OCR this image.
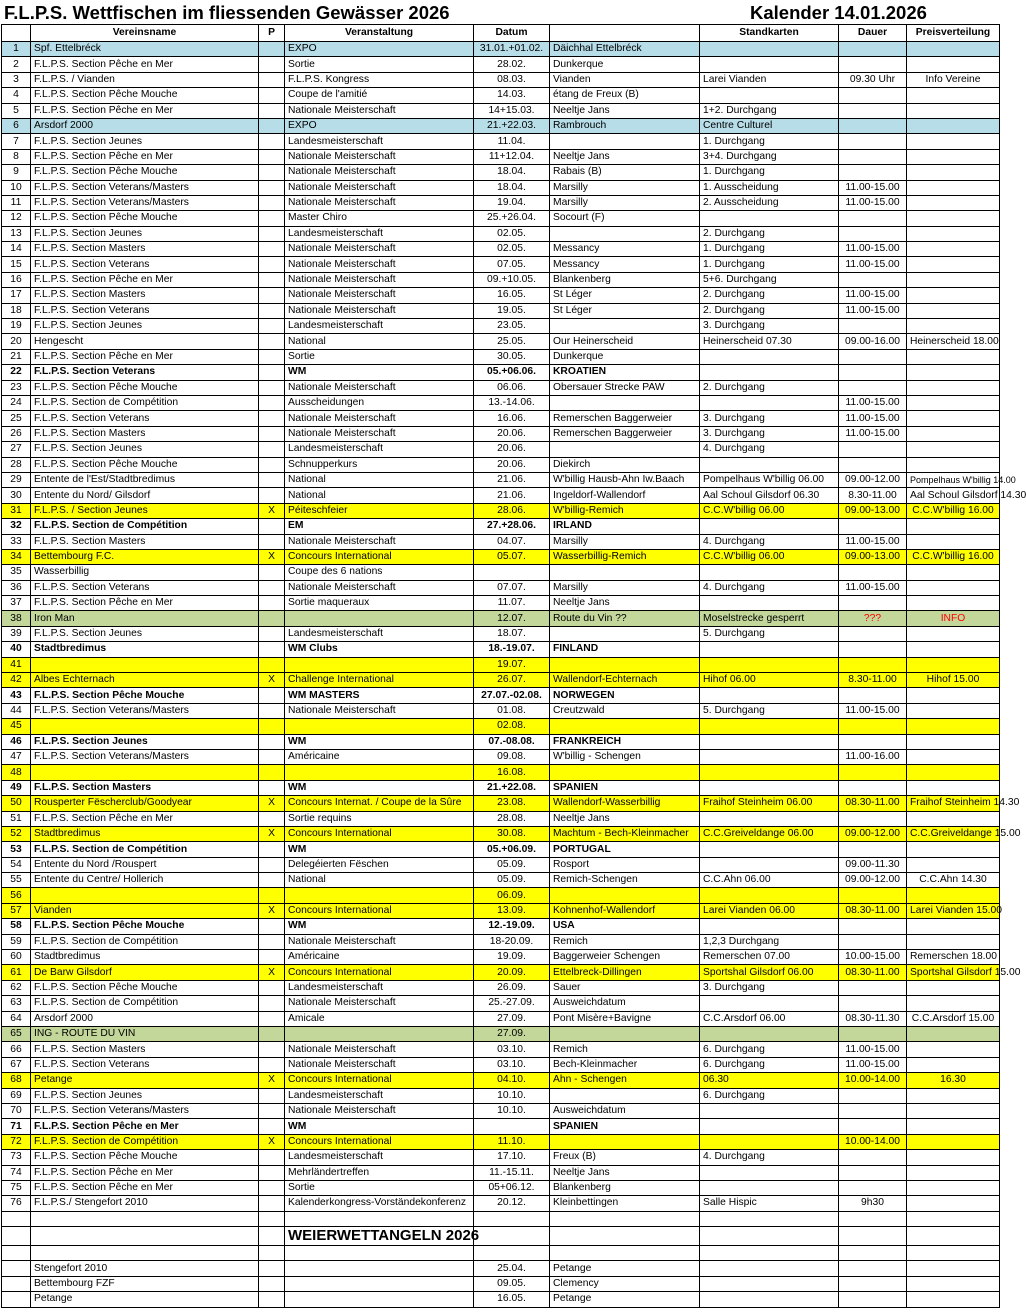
F.L.P.S. Wettfischen im fliessenden Gewässer 2026	Kalender 14.01.2026
	Vereinsname	P	Veranstaltung	Datum		Standkarten	Dauer	Preisverteilung
1	Spf. Ettelbréck		EXPO	31.01.+01.02.	Däichhal Ettelbréck			
2	F.L.P.S. Section Pêche en Mer		Sortie	28.02.	Dunkerque			
3	F.L.P.S. / Vianden		F.L.P.S. Kongress	08.03.	Vianden	Larei Vianden	09.30 Uhr	Info Vereine
4	F.L.P.S. Section Pêche Mouche		Coupe de l'amitié	14.03.	étang de Freux (B)			
5	F.L.P.S. Section Pêche en Mer		Nationale Meisterschaft	14+15.03.	Neeltje Jans	1+2. Durchgang		
6	Arsdorf 2000		EXPO	21.+22.03.	Rambrouch	Centre Culturel		
7	F.L.P.S. Section Jeunes		Landesmeisterschaft	11.04.		1. Durchgang		
8	F.L.P.S. Section Pêche en Mer		Nationale Meisterschaft	11+12.04.	Neeltje Jans	3+4. Durchgang		
9	F.L.P.S. Section Pêche Mouche		Nationale Meisterschaft	18.04.	Rabais (B)	1. Durchgang		
10	F.L.P.S. Section Veterans/Masters		Nationale Meisterschaft	18.04.	Marsilly	1. Ausscheidung	11.00-15.00	
11	F.L.P.S. Section Veterans/Masters		Nationale Meisterschaft	19.04.	Marsilly	2. Ausscheidung	11.00-15.00	
12	F.L.P.S. Section Pêche Mouche		Master Chiro	25.+26.04.	Socourt (F)			
13	F.L.P.S. Section Jeunes		Landesmeisterschaft	02.05.		2. Durchgang		
14	F.L.P.S. Section Masters		Nationale Meisterschaft	02.05.	Messancy	1. Durchgang	11.00-15.00	
15	F.L.P.S. Section Veterans		Nationale Meisterschaft	07.05.	Messancy	1. Durchgang	11.00-15.00	
16	F.L.P.S. Section Pêche en Mer		Nationale Meisterschaft	09.+10.05.	Blankenberg	5+6. Durchgang		
17	F.L.P.S. Section Masters		Nationale Meisterschaft	16.05.	St Léger	2. Durchgang	11.00-15.00	
18	F.L.P.S. Section Veterans		Nationale Meisterschaft	19.05.	St Léger	2. Durchgang	11.00-15.00	
19	F.L.P.S. Section Jeunes		Landesmeisterschaft	23.05.		3. Durchgang		
20	Hengescht		National	25.05.	Our Heinerscheid	Heinerscheid 07.30	09.00-16.00	Heinerscheid 18.00
21	F.L.P.S. Section Pêche en Mer		Sortie	30.05.	Dunkerque			
22	F.L.P.S. Section Veterans		WM	05.+06.06.	KROATIEN			
23	F.L.P.S. Section Pêche Mouche		Nationale Meisterschaft	06.06.	Obersauer Strecke PAW	2. Durchgang		
24	F.L.P.S. Section de Compétition		Ausscheidungen	13.-14.06.			11.00-15.00	
25	F.L.P.S. Section Veterans		Nationale Meisterschaft	16.06.	Remerschen Baggerweier	3. Durchgang	11.00-15.00	
26	F.L.P.S. Section Masters		Nationale Meisterschaft	20.06.	Remerschen Baggerweier	3. Durchgang	11.00-15.00	
27	F.L.P.S. Section Jeunes		Landesmeisterschaft	20.06.		4. Durchgang		
28	F.L.P.S. Section Pêche Mouche		Schnupperkurs	20.06.	Diekirch			
29	Entente de l'Est/Stadtbredimus		National	21.06.	W'billig Hausb-Ahn Iw.Baach	Pompelhaus W'billig 06.00	09.00-12.00	Pompelhaus W'billig 14.00
30	Entente du Nord/ Gilsdorf		National	21.06.	Ingeldorf-Wallendorf	Aal Schoul Gilsdorf 06.30	8.30-11.00	Aal Schoul Gilsdorf 14.30
31	F.L.P.S. / Section Jeunes	X	Péiteschfeier	28.06.	W'billig-Remich	C.C.W'billig 06.00	09.00-13.00	C.C.W'billig 16.00
32	F.L.P.S. Section de Compétition		EM	27.+28.06.	IRLAND			
33	F.L.P.S. Section Masters		Nationale Meisterschaft	04.07.	Marsilly	4. Durchgang	11.00-15.00	
34	Bettembourg F.C.	X	Concours International	05.07.	Wasserbillig-Remich	C.C.W'billig 06.00	09.00-13.00	C.C.W'billig 16.00
35	Wasserbillig		Coupe des 6 nations					
36	F.L.P.S. Section Veterans		Nationale Meisterschaft	07.07.	Marsilly	4. Durchgang	11.00-15.00	
37	F.L.P.S. Section Pêche en Mer		Sortie maqueraux	11.07.	Neeltje Jans			
38	Iron Man			12.07.	Route du Vin ??	Moselstrecke gesperrt	???	INFO
39	F.L.P.S. Section Jeunes		Landesmeisterschaft	18.07.		5. Durchgang		
40	Stadtbredimus		WM Clubs	18.-19.07.	FINLAND			
41				19.07.				
42	Albes Echternach	X	Challenge International	26.07.	Wallendorf-Echternach	Hihof 06.00	8.30-11.00	Hihof 15.00
43	F.L.P.S. Section Pêche Mouche		WM MASTERS	27.07.-02.08.	NORWEGEN			
44	F.L.P.S. Section Veterans/Masters		Nationale Meisterschaft	01.08.	Creutzwald	5. Durchgang	11.00-15.00	
45				02.08.				
46	F.L.P.S. Section Jeunes		WM	07.-08.08.	FRANKREICH			
47	F.L.P.S. Section Veterans/Masters		Américaine	09.08.	W'billig - Schengen		11.00-16.00	
48				16.08.				
49	F.L.P.S. Section Masters		WM	21.+22.08.	SPANIEN			
50	Rousperter Fëscherclub/Goodyear	X	Concours Internat. / Coupe de la Sûre	23.08.	Wallendorf-Wasserbillig	Fraihof Steinheim 06.00	08.30-11.00	Fraihof Steinheim 14.30
51	F.L.P.S. Section Pêche en Mer		Sortie requins	28.08.	Neeltje Jans			
52	Stadtbredimus	X	Concours International	30.08.	Machtum - Bech-Kleinmacher	C.C.Greiveldange 06.00	09.00-12.00	C.C.Greiveldange 15.00
53	F.L.P.S. Section de Compétition		WM	05.+06.09.	PORTUGAL			
54	Entente du Nord /Rouspert		Delegéierten Fëschen	05.09.	Rosport		09.00-11.30	
55	Entente du Centre/ Hollerich		National	05.09.	Remich-Schengen	C.C.Ahn 06.00	09.00-12.00	C.C.Ahn 14.30
56				06.09.				
57	Vianden	X	Concours International	13.09.	Kohnenhof-Wallendorf	Larei Vianden 06.00	08.30-11.00	Larei Vianden 15.00
58	F.L.P.S. Section Pêche Mouche		WM	12.-19.09.	USA			
59	F.L.P.S. Section de Compétition		Nationale Meisterschaft	18-20.09.	Remich	1,2,3 Durchgang		
60	Stadtbredimus		Américaine	19.09.	Baggerweier Schengen	Remerschen 07.00	10.00-15.00	Remerschen 18.00
61	De Barw Gilsdorf	X	Concours International	20.09.	Ettelbreck-Dillingen	Sportshal Gilsdorf 06.00	08.30-11.00	Sportshal Gilsdorf 15.00
62	F.L.P.S. Section Pêche Mouche		Landesmeisterschaft	26.09.	Sauer	3. Durchgang		
63	F.L.P.S. Section de Compétition		Nationale Meisterschaft	25.-27.09.	Ausweichdatum			
64	Arsdorf 2000		Amicale	27.09.	Pont Misère+Bavigne	C.C.Arsdorf 06.00	08.30-11.30	C.C.Arsdorf 15.00
65	ING - ROUTE DU VIN			27.09.				
66	F.L.P.S. Section Masters		Nationale Meisterschaft	03.10.	Remich	6. Durchgang	11.00-15.00	
67	F.L.P.S. Section Veterans		Nationale Meisterschaft	03.10.	Bech-Kleinmacher	6. Durchgang	11.00-15.00	
68	Petange	X	Concours International	04.10.	Ahn - Schengen	06.30	10.00-14.00	16.30
69	F.L.P.S. Section Jeunes		Landesmeisterschaft	10.10.		6. Durchgang		
70	F.L.P.S. Section Veterans/Masters		Nationale Meisterschaft	10.10.	Ausweichdatum			
71	F.L.P.S. Section Pêche en Mer		WM		SPANIEN			
72	F.L.P.S. Section de Compétition	X	Concours International	11.10.			10.00-14.00	
73	F.L.P.S. Section Pêche Mouche		Landesmeisterschaft	17.10.	Freux (B)	4. Durchgang		
74	F.L.P.S. Section Pêche en Mer		Mehrländertreffen	11.-15.11.	Neeltje Jans			
75	F.L.P.S. Section Pêche en Mer		Sortie	05+06.12.	Blankenberg			
76	F.L.P.S./ Stengefort 2010		Kalenderkongress-Vorständekonferenz	20.12.	Kleinbettingen	Salle Hispic	9h30	

			WEIERWETTANGELN 2026					

	Stengefort 2010			25.04.	Petange			
	Bettembourg FZF			09.05.	Clemency			
	Petange			16.05.	Petange			
